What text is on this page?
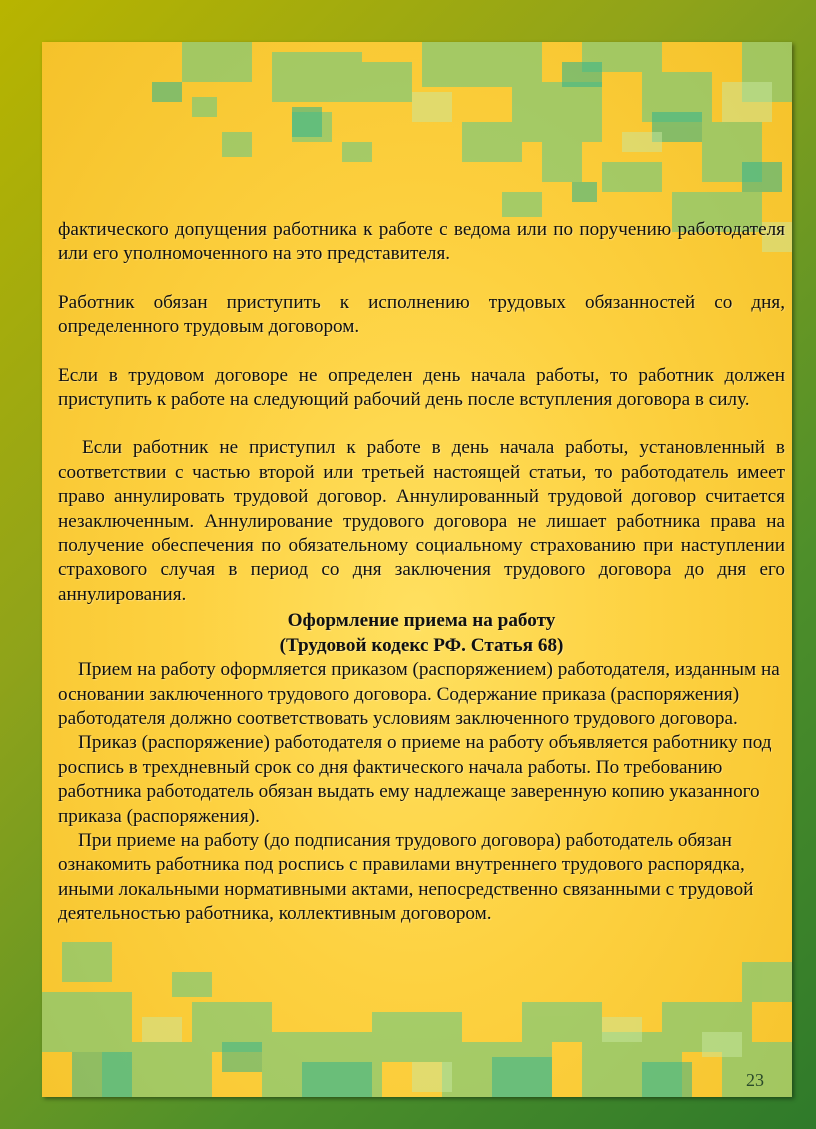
фактического допущения работника к работе с ведома или по поручению работодателя или его уполномоченного на это представителя.

Работник обязан приступить к исполнению трудовых обязанностей со дня, определенного трудовым договором.

Если в трудовом договоре не определен день начала работы, то работник должен приступить к работе на следующий рабочий день после вступления договора в силу.

Если работник не приступил к работе в день начала работы, установленный в соответствии с частью второй или третьей настоящей статьи, то работодатель имеет право аннулировать трудовой договор. Аннулированный трудовой договор считается незаключенным. Аннулирование трудового договора не лишает работника права на получение обеспечения по обязательному социальному страхованию при наступлении страхового случая в период со дня заключения трудового договора до дня его аннулирования.

Оформление приема на работу

(Трудовой кодекс РФ. Статья 68)

Прием на работу оформляется приказом (распоряжением) работодателя, изданным на основании заключенного трудового договора. Содержание приказа (распоряжения) работодателя должно соответствовать условиям заключенного трудового договора.

Приказ (распоряжение) работодателя о приеме на работу объявляется работнику под роспись в трехдневный срок со дня фактического начала работы. По требованию работника работодатель обязан выдать ему надлежаще заверенную копию указанного приказа (распоряжения).

При приеме на работу (до подписания трудового договора) работодатель обязан ознакомить работника под роспись с правилами внутреннего трудового распорядка, иными локальными нормативными актами, непосредственно связанными с трудовой деятельностью работника, коллективным договором.

23
